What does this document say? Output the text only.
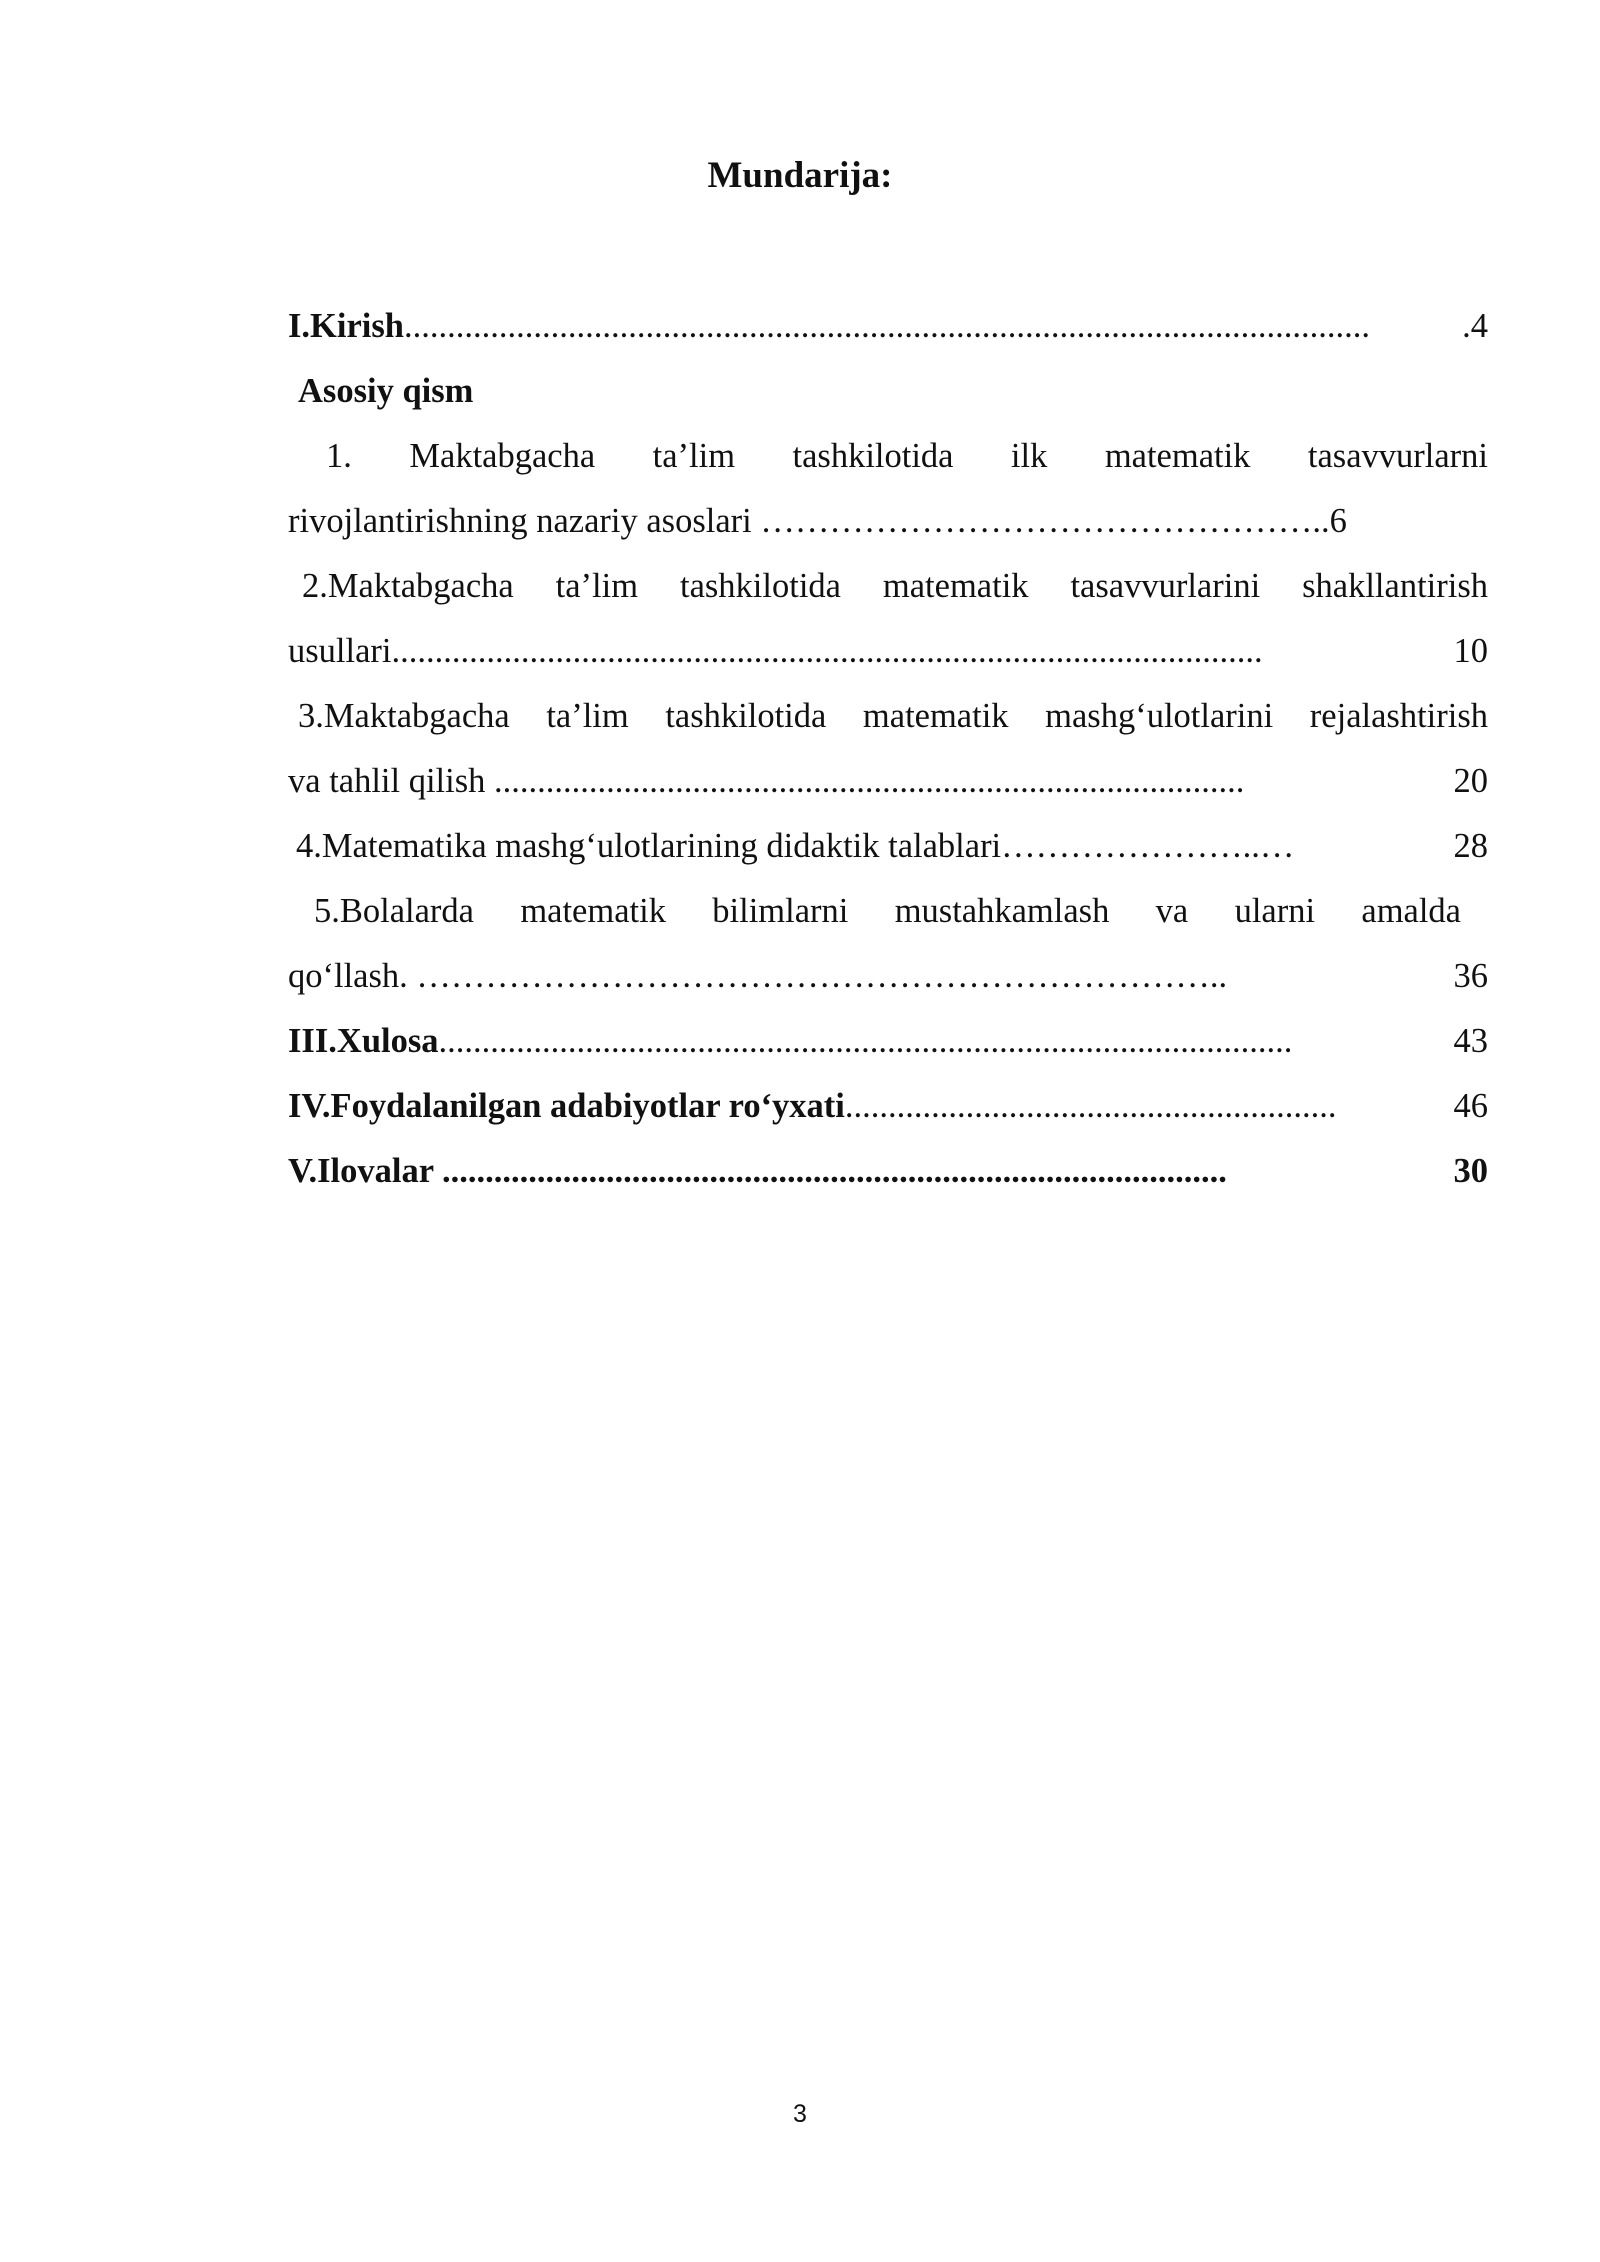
Mundarija:
I.Kirish................................................................................................................	.4
Asosiy qism
1. Maktabgacha ta’lim tashkilotida ilk matematik tasavvurlarni
rivojlantirishning nazariy asoslari …………………………………………..6
2.Maktabgacha ta’lim tashkilotida matematik tasavvurlarini shakllantirish
usullari.....................................................................................................	10
3.Maktabgacha ta’lim tashkilotida matematik mashg‘ulotlarini rejalashtirish
va tahlil qilish .......................................................................................	20
4.Matematika mashg‘ulotlarining didaktik talablari…………………..…	28
5.Bolalarda matematik bilimlarni mustahkamlash va ularni amalda
qo‘llash. ……………………………………………………………..	36
III.Xulosa...................................................................................................	43
IV.Foydalanilgan adabiyotlar ro‘yxati.........................................................	46
V.Ilovalar ...........................................................................................	30
3
